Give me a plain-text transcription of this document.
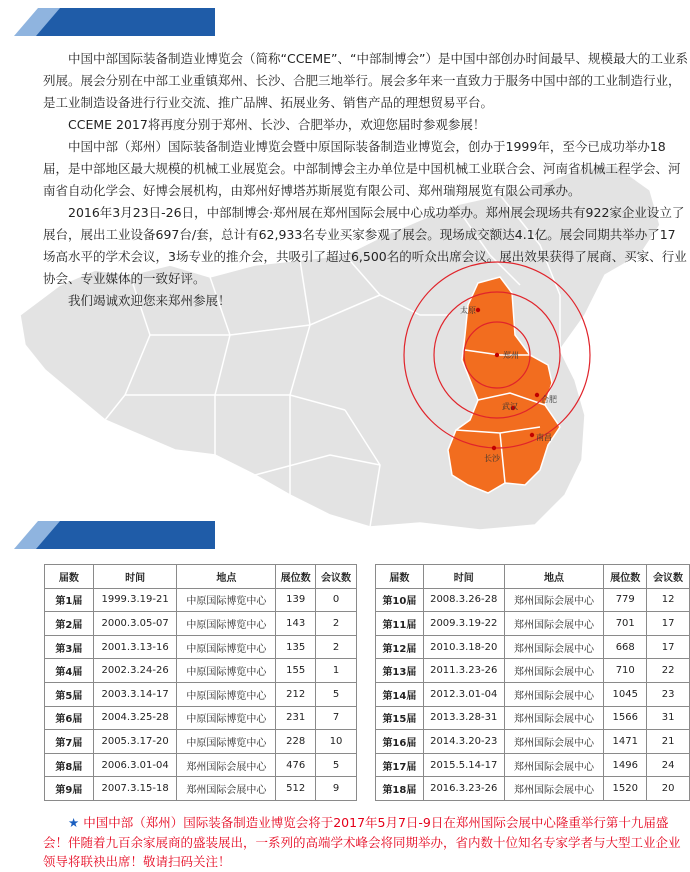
中国中部国际装备制造业博览会（简称“CCEME”、“中部制博会”）是中国中部创办时间最早、规模最大的工业系列展。展会分别在中部工业重镇郑州、长沙、合肥三地举行。展会多年来一直致力于服务中国中部的工业制造行业，是工业制造设备进行行业交流、推广品牌、拓展业务、销售产品的理想贸易平台。

CCEME 2017将再度分别于郑州、长沙、合肥举办，欢迎您届时参观参展！

中国中部（郑州）国际装备制造业博览会暨中原国际装备制造业博览会，创办于1999年，至今已成功举办18届，是中部地区最大规模的机械工业展览会。中部制博会主办单位是中国机械工业联合会、河南省机械工程学会、河南省自动化学会、好博会展机构，由郑州好博塔苏斯展览有限公司、郑州瑞翔展览有限公司承办。

2016年3月23日-26日，中部制博会·郑州展在郑州国际会展中心成功举办。郑州展会现场共有922家企业设立了展台，展出工业设备697台/套，总计有62,933名专业买家参观了展会。现场成交额达4.1亿。展会同期共举办了17场高水平的学术会议，3场专业的推介会，共吸引了超过6,500名的听众出席会议。展出效果获得了展商、买家、行业协会、专业媒体的一致好评。

我们竭诚欢迎您来郑州参展！

太原
郑州
合肥
武汉
南昌
长沙
届数	时间	地点	展位数	会议数
第1届	1999.3.19-21	中原国际博览中心	139	0
第2届	2000.3.05-07	中原国际博览中心	143	2
第3届	2001.3.13-16	中原国际博览中心	135	2
第4届	2002.3.24-26	中原国际博览中心	155	1
第5届	2003.3.14-17	中原国际博览中心	212	5
第6届	2004.3.25-28	中原国际博览中心	231	7
第7届	2005.3.17-20	中原国际博览中心	228	10
第8届	2006.3.01-04	郑州国际会展中心	476	5
第9届	2007.3.15-18	郑州国际会展中心	512	9
届数	时间	地点	展位数	会议数
第10届	2008.3.26-28	郑州国际会展中心	779	12
第11届	2009.3.19-22	郑州国际会展中心	701	17
第12届	2010.3.18-20	郑州国际会展中心	668	17
第13届	2011.3.23-26	郑州国际会展中心	710	22
第14届	2012.3.01-04	郑州国际会展中心	1045	23
第15届	2013.3.28-31	郑州国际会展中心	1566	31
第16届	2014.3.20-23	郑州国际会展中心	1471	21
第17届	2015.5.14-17	郑州国际会展中心	1496	24
第18届	2016.3.23-26	郑州国际会展中心	1520	20
★ 中国中部（郑州）国际装备制造业博览会将于2017年5月7日-9日在郑州国际会展中心隆重举行第十九届盛会！伴随着九百余家展商的盛装展出，一系列的高端学术峰会将同期举办，省内数十位知名专家学者与大型工业企业领导将联袂出席！敬请扫码关注！
